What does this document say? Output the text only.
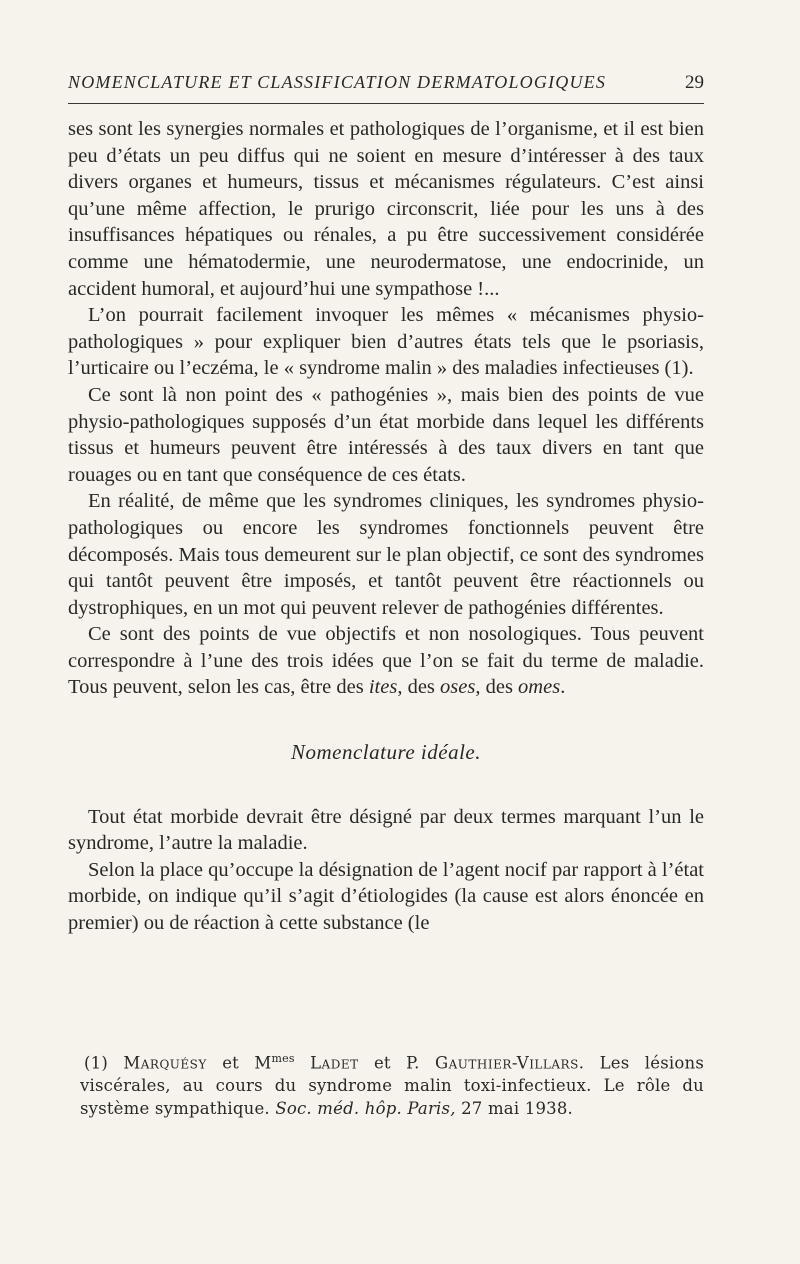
NOMENCLATURE ET CLASSIFICATION DERMATOLOGIQUES	29

ses sont les synergies normales et pathologiques de l’organisme, et il est bien peu d’états un peu diffus qui ne soient en mesure d’intéresser à des taux divers organes et humeurs, tissus et mécanismes régulateurs. C’est ainsi qu’une même affection, le prurigo circonscrit, liée pour les uns à des insuffisances hépatiques ou rénales, a pu être successivement considérée comme une hématodermie, une neurodermatose, une endocrinide, un accident humoral, et aujourd’hui une sympathose !...

L’on pourrait facilement invoquer les mêmes « mécanismes physio-pathologiques » pour expliquer bien d’autres états tels que le psoriasis, l’urticaire ou l’eczéma, le « syndrome malin » des maladies infectieuses (1).

Ce sont là non point des « pathogénies », mais bien des points de vue physio-pathologiques supposés d’un état morbide dans lequel les différents tissus et humeurs peuvent être intéressés à des taux divers en tant que rouages ou en tant que conséquence de ces états.

En réalité, de même que les syndromes cliniques, les syndromes physio-pathologiques ou encore les syndromes fonctionnels peuvent être décomposés. Mais tous demeurent sur le plan objectif, ce sont des syndromes qui tantôt peuvent être imposés, et tantôt peuvent être réactionnels ou dystrophiques, en un mot qui peuvent relever de pathogénies différentes.

Ce sont des points de vue objectifs et non nosologiques. Tous peuvent correspondre à l’une des trois idées que l’on se fait du terme de maladie. Tous peuvent, selon les cas, être des ites, des oses, des omes.

Nomenclature idéale.

Tout état morbide devrait être désigné par deux termes marquant l’un le syndrome, l’autre la maladie.

Selon la place qu’occupe la désignation de l’agent nocif par rapport à l’état morbide, on indique qu’il s’agit d’étiologides (la cause est alors énoncée en premier) ou de réaction à cette substance (le

(1) Marquésy et $M^{mes}$ Ladet et P. Gauthier-Villars. Les lésions viscérales, au cours du syndrome malin toxi-infectieux. Le rôle du système sympathique. Soc. méd. hôp. Paris, 27 mai 1938.
